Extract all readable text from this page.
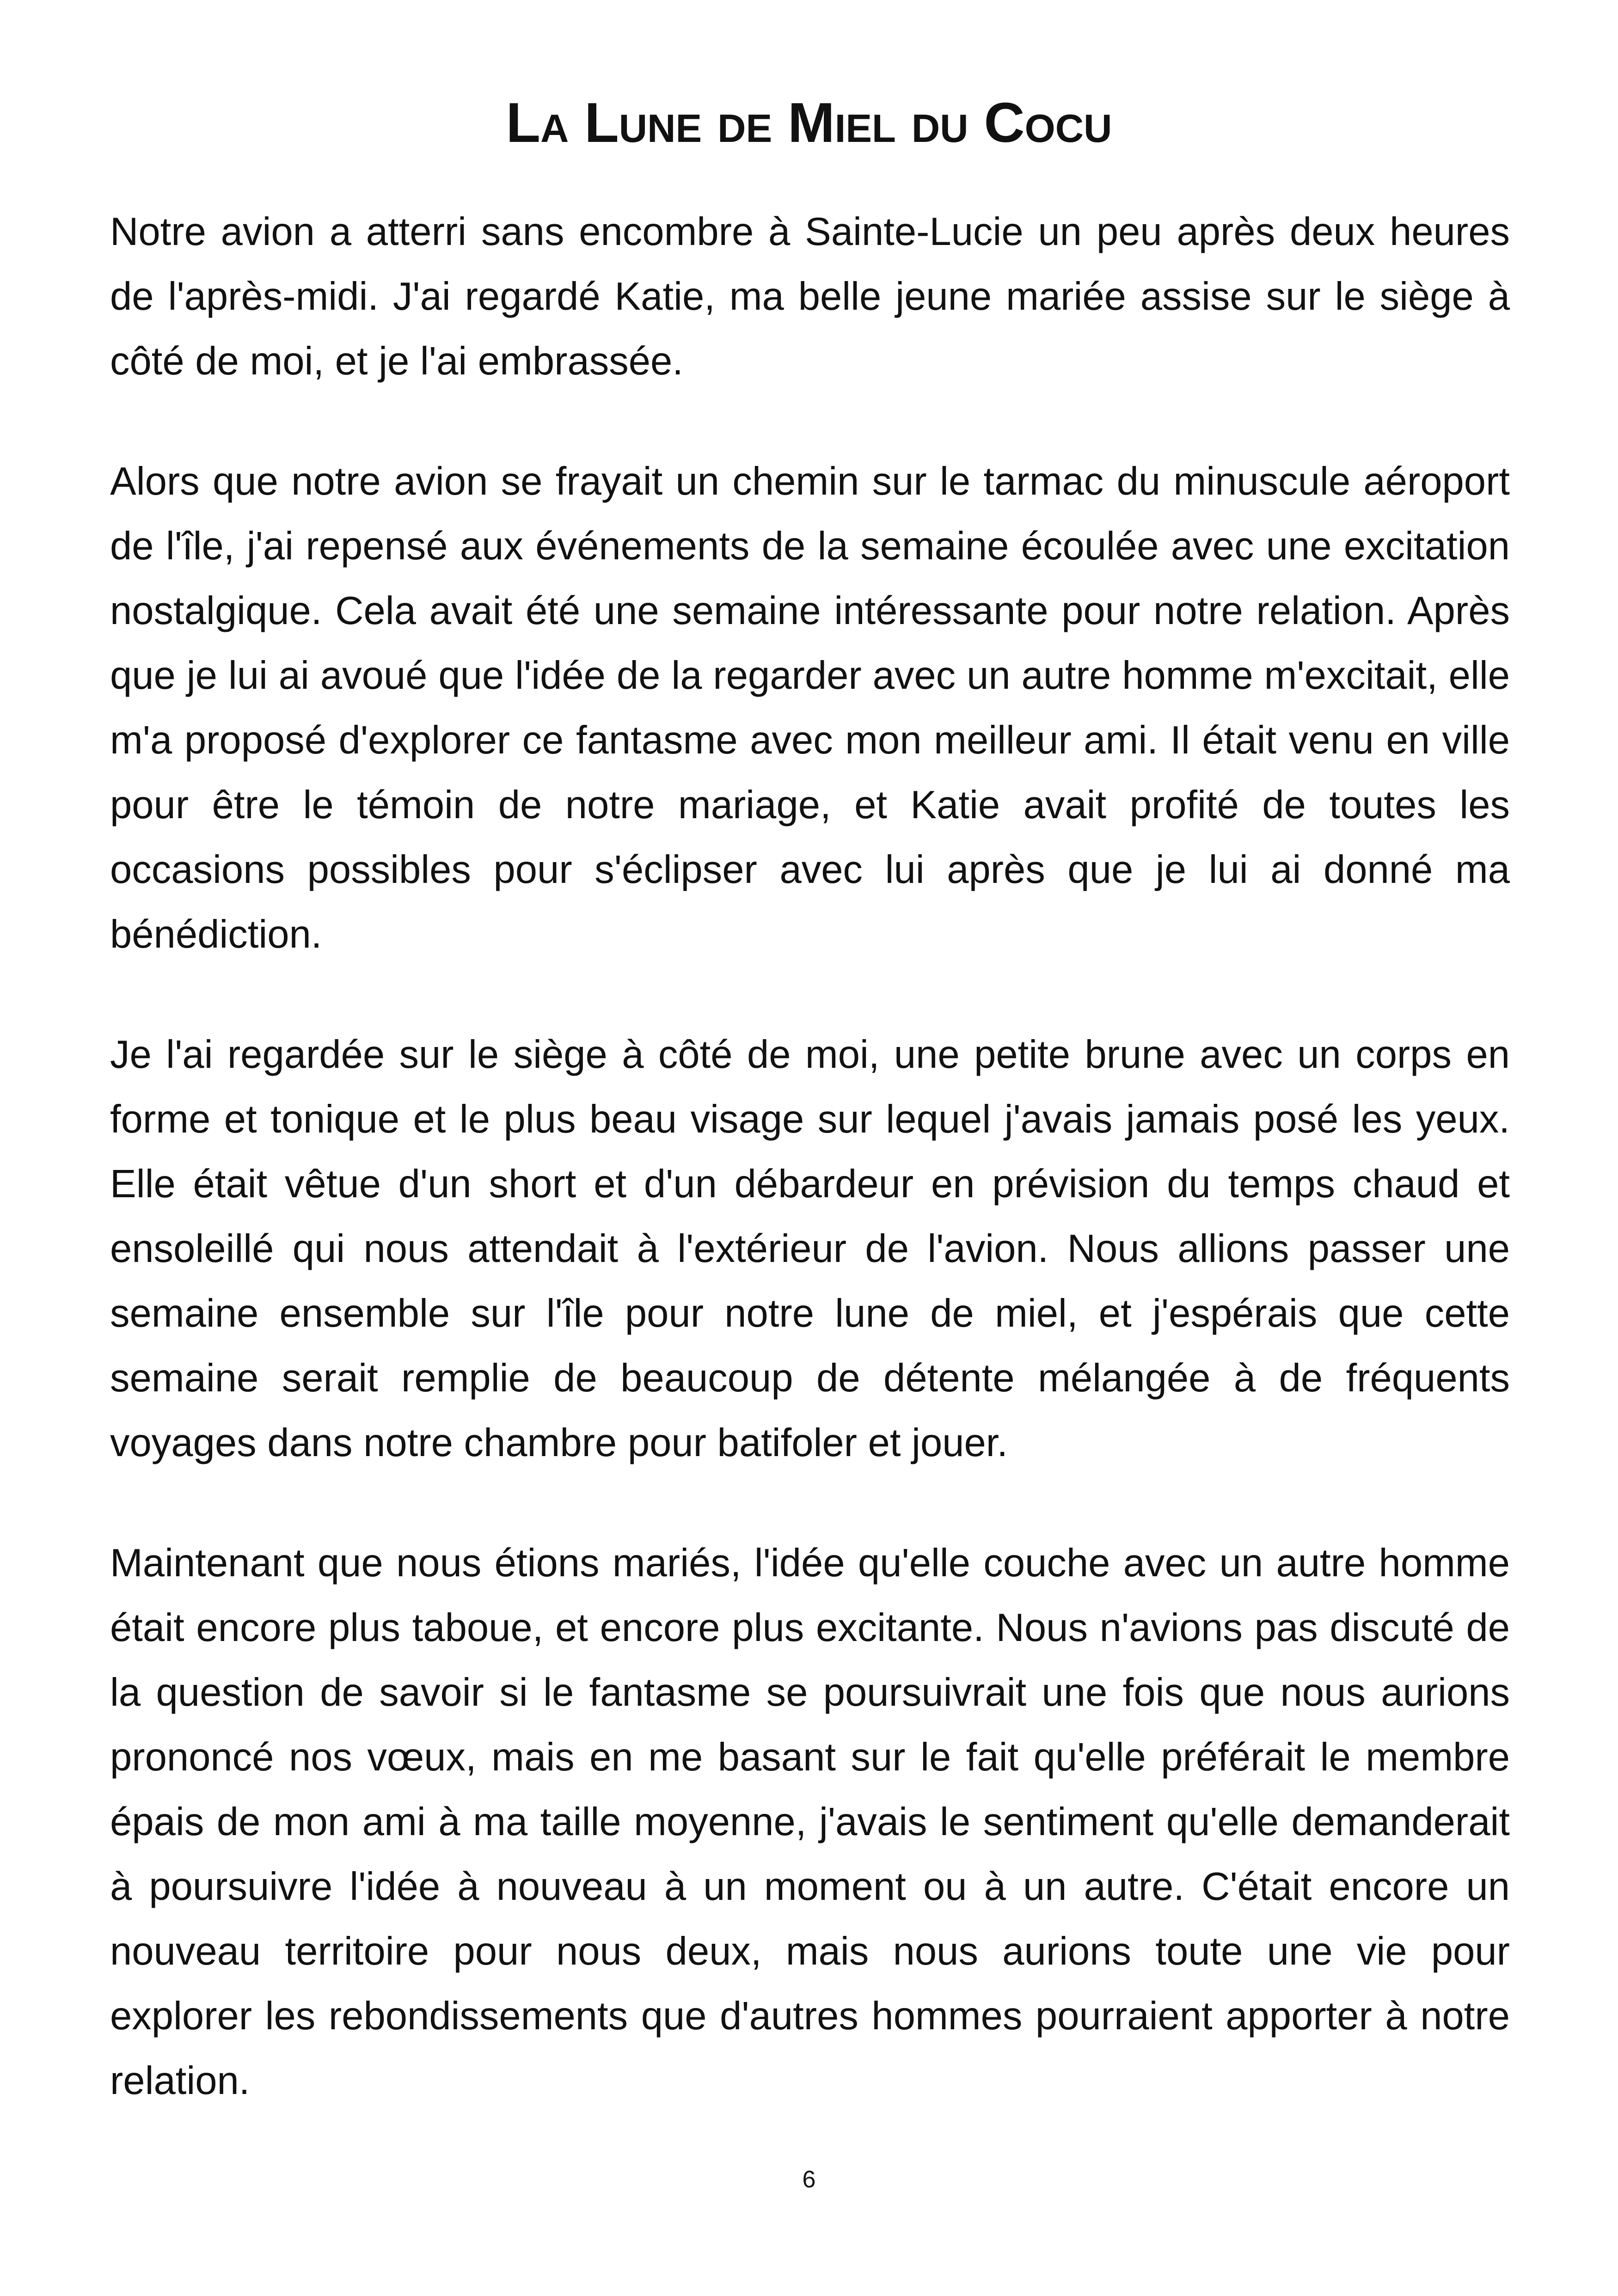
La Lune de Miel du Cocu

Notre avion a atterri sans encombre à Sainte-Lucie un peu après deux heures de l'après-midi. J'ai regardé Katie, ma belle jeune mariée assise sur le siège à côté de moi, et je l'ai embrassée.

Alors que notre avion se frayait un chemin sur le tarmac du minuscule aéroport de l'île, j'ai repensé aux événements de la semaine écoulée avec une excitation nostalgique. Cela avait été une semaine intéressante pour notre relation. Après que je lui ai avoué que l'idée de la regarder avec un autre homme m'excitait, elle m'a proposé d'explorer ce fantasme avec mon meilleur ami. Il était venu en ville pour être le témoin de notre mariage, et Katie avait profité de toutes les occasions possibles pour s'éclipser avec lui après que je lui ai donné ma bénédiction.

Je l'ai regardée sur le siège à côté de moi, une petite brune avec un corps en forme et tonique et le plus beau visage sur lequel j'avais jamais posé les yeux. Elle était vêtue d'un short et d'un débardeur en prévision du temps chaud et ensoleillé qui nous attendait à l'extérieur de l'avion. Nous allions passer une semaine ensemble sur l'île pour notre lune de miel, et j'espérais que cette semaine serait remplie de beaucoup de détente mélangée à de fréquents voyages dans notre chambre pour batifoler et jouer.

Maintenant que nous étions mariés, l'idée qu'elle couche avec un autre homme était encore plus taboue, et encore plus excitante. Nous n'avions pas discuté de la question de savoir si le fantasme se poursuivrait une fois que nous aurions prononcé nos vœux, mais en me basant sur le fait qu'elle préférait le membre épais de mon ami à ma taille moyenne, j'avais le sentiment qu'elle demanderait à poursuivre l'idée à nouveau à un moment ou à un autre. C'était encore un nouveau territoire pour nous deux, mais nous aurions toute une vie pour explorer les rebondissements que d'autres hommes pourraient apporter à notre relation.

6
